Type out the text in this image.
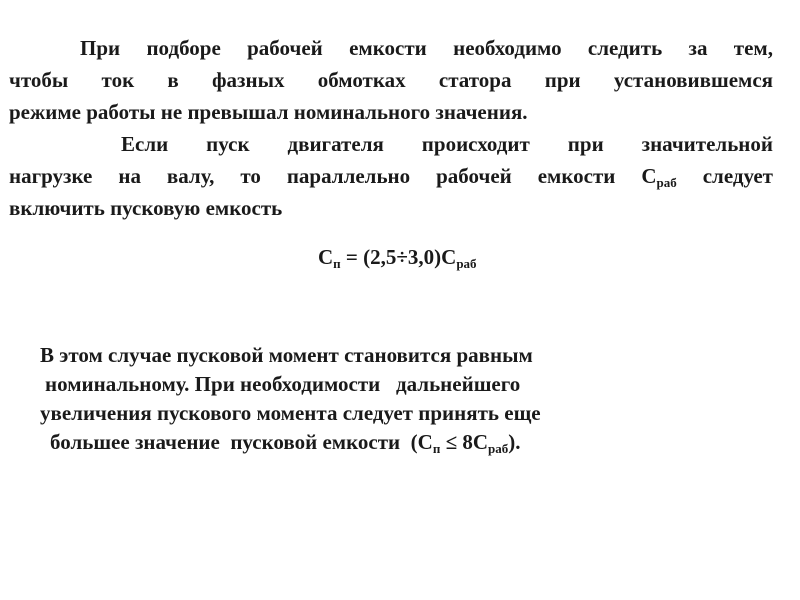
При подборе рабочей емкости необходимо следить за тем,
чтобы ток в фазных обмотках статора при установившемся
режиме работы не превышал номинального значения.
Если пуск двигателя происходит при значительной
нагрузке на валу, то параллельно рабочей емкости $С_{раб}$ следует
включить пусковую емкость
$С_п = (2,5\div 3,0)С_{раб}$
В этом случае пусковой момент становится равным
номинальному. При необходимости   дальнейшего
увеличения пускового момента следует принять еще
большее значение  пусковой емкости  $(С_п \le 8С_{раб})$.
